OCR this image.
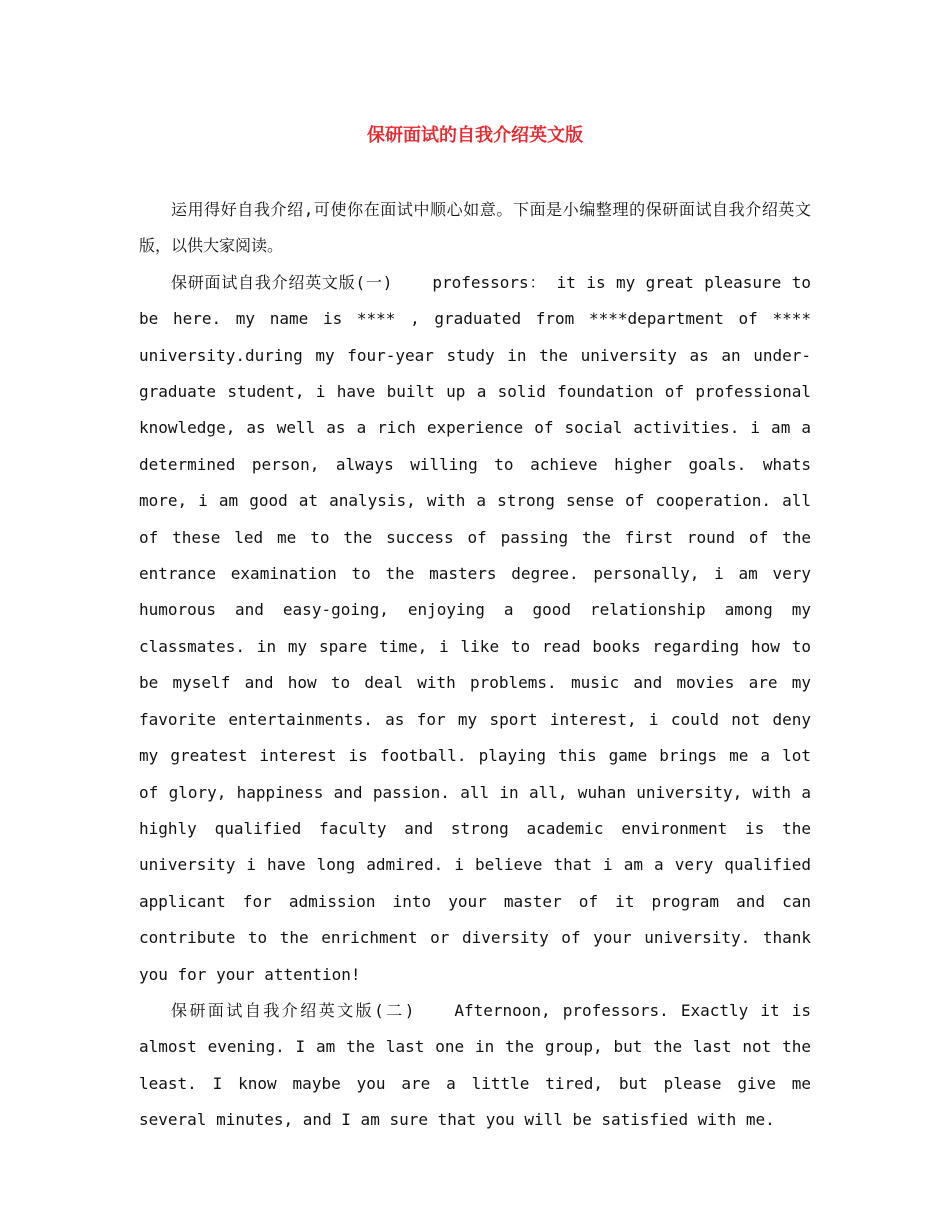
保研面试的自我介绍英文版

运用得好自我介绍,可使你在面试中顺心如意。下面是小编整理的保研面试自我介绍英文版，以供大家阅读。

保研面试自我介绍英文版(一)	professors： it is my great pleasure to be here. my name is **** , graduated from ****department of **** university.during my four-year study in the university as an under-graduate student, i have built up a solid foundation of professional knowledge, as well as a rich experience of social activities. i am a determined person, always willing to achieve higher goals. whats more, i am good at analysis, with a strong sense of cooperation. all of these led me to the success of passing the first round of the entrance examination to the masters degree. personally, i am very humorous and easy-going, enjoying a good relationship among my classmates. in my spare time, i like to read books regarding how to be myself and how to deal with problems. music and movies are my favorite entertainments. as for my sport interest, i could not deny my greatest interest is football. playing this game brings me a lot of glory, happiness and passion. all in all, wuhan university, with a highly qualified faculty and strong academic environment is the university i have long admired. i believe that i am a very qualified applicant for admission into your master of it program and can contribute to the enrichment or diversity of your university. thank you for your attention!

保研面试自我介绍英文版(二)	Afternoon, professors. Exactly it is almost evening. I am the last one in the group, but the last not the least. I know maybe you are a little tired, but please give me several minutes, and I am sure that you will be satisfied with me.
